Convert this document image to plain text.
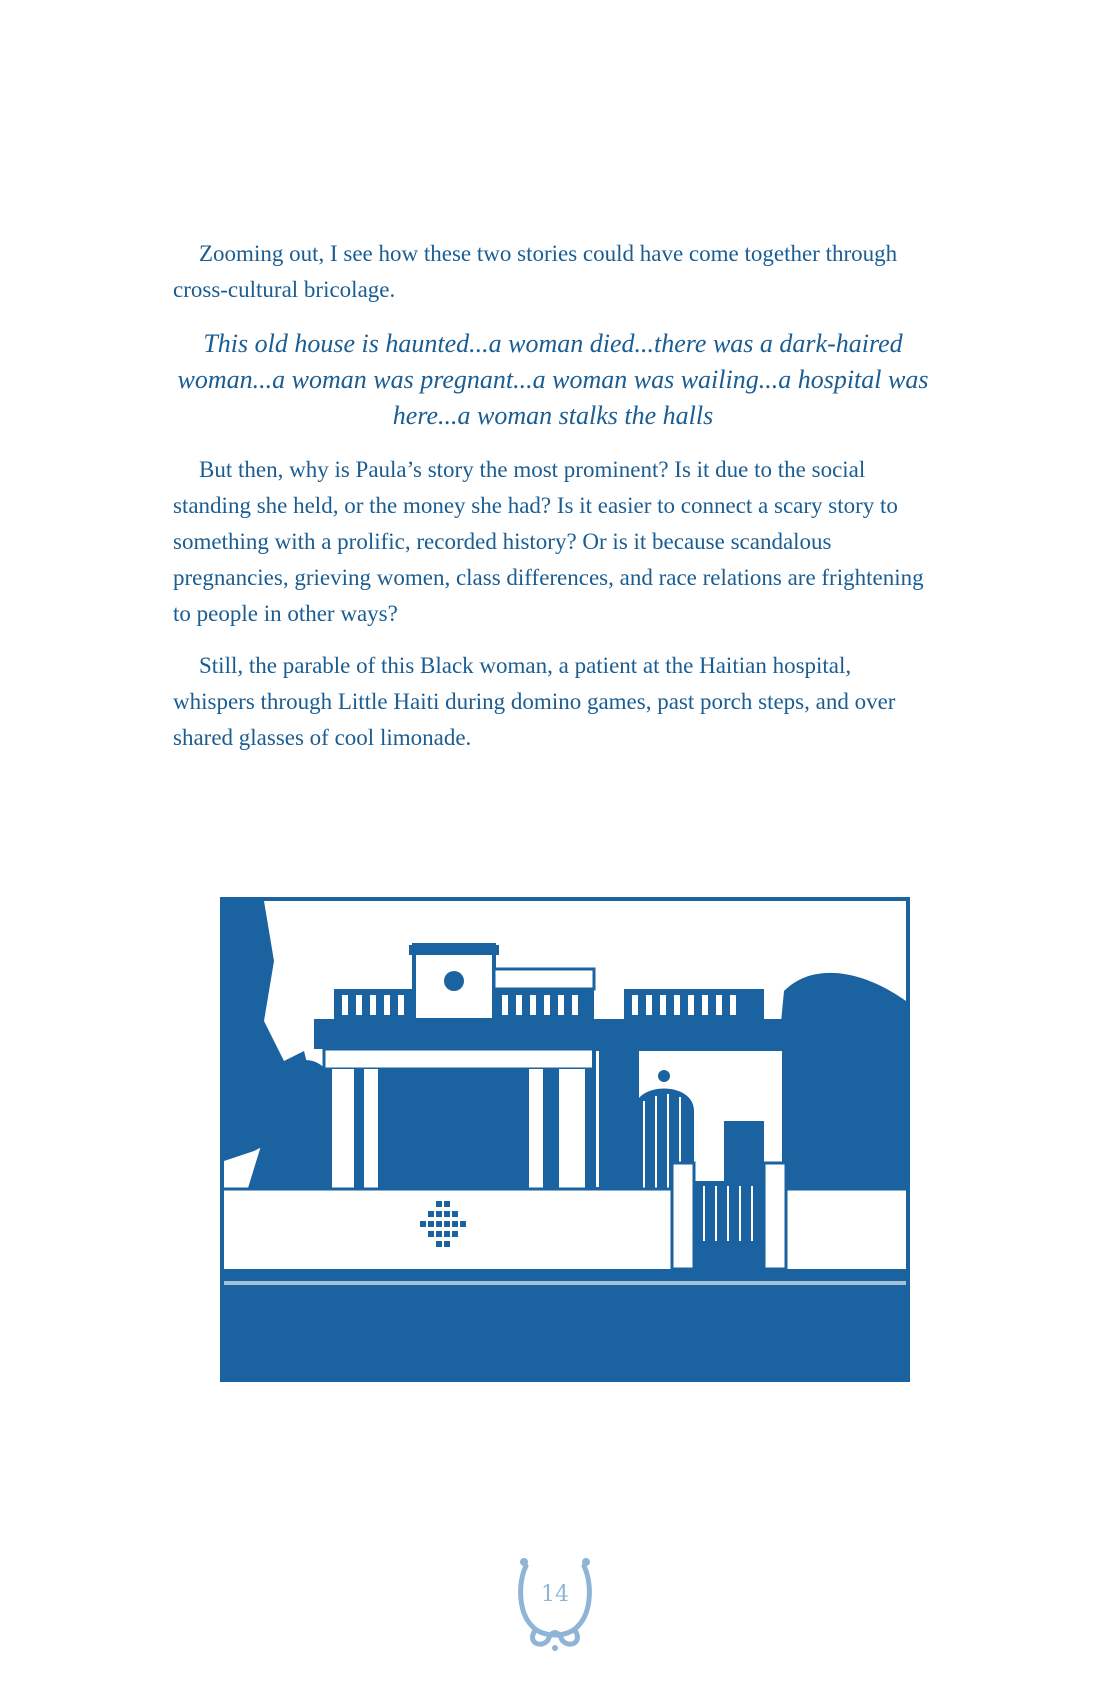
Zooming out, I see how these two stories could have come together through cross-cultural bricolage.

This old house is haunted...a woman died...there was a dark-haired woman...a woman was pregnant...a woman was wailing...a hospital was here...a woman stalks the halls

But then, why is Paula’s story the most prominent? Is it due to the social standing she held, or the money she had? Is it easier to connect a scary story to something with a prolific, recorded history? Or is it because scandalous pregnancies, grieving women, class differences, and race relations are frightening to people in other ways?

Still, the parable of this Black woman, a patient at the Haitian hospital, whispers through Little Haiti during domino games, past porch steps, and over shared glasses of cool limonade.

14
